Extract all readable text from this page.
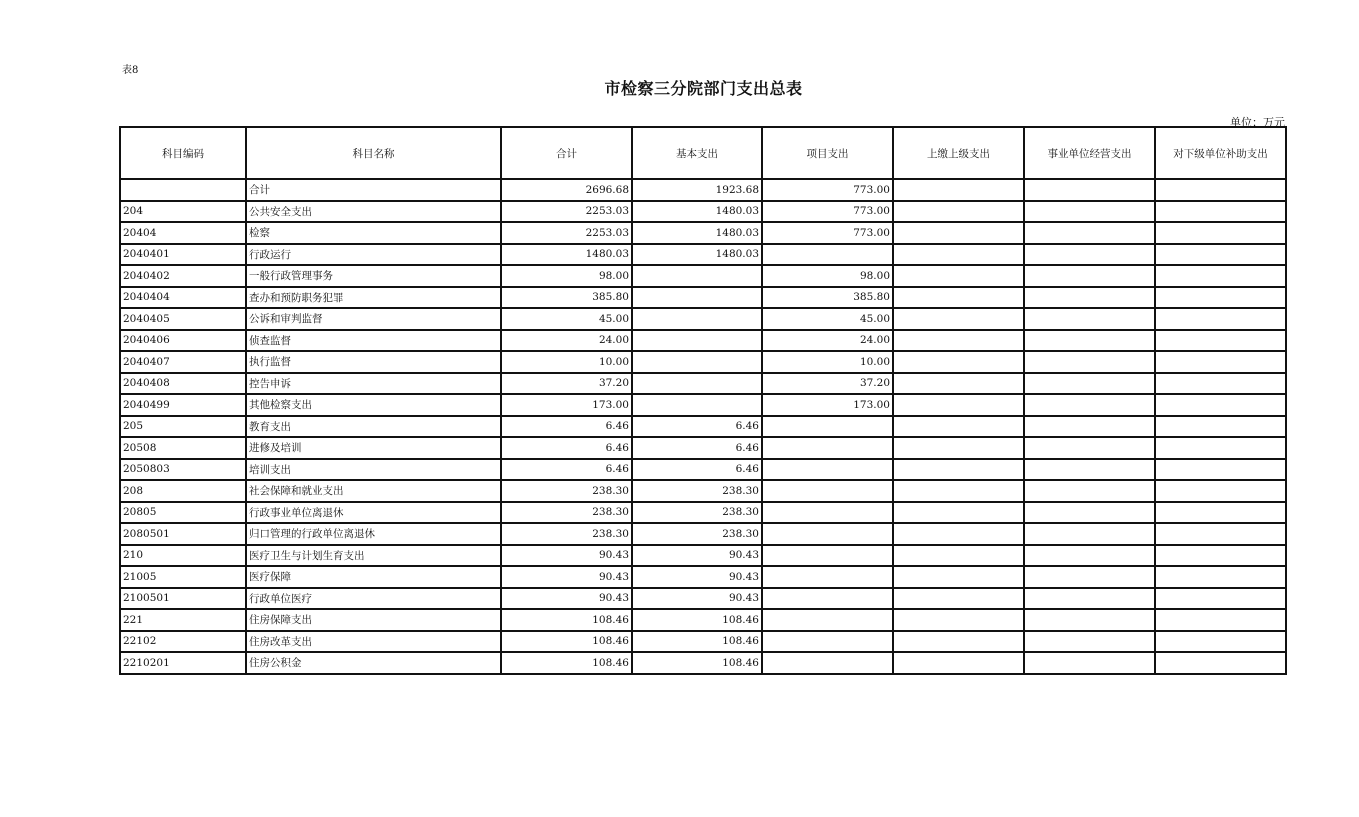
表8
市检察三分院部门支出总表
单位：万元
科目编码	科目名称	合计	基本支出	项目支出	上缴上级支出	事业单位经营支出	对下级单位补助支出
	合计	2696.68	1923.68	773.00			
204	公共安全支出	2253.03	1480.03	773.00			
20404	检察	2253.03	1480.03	773.00			
2040401	行政运行	1480.03	1480.03				
2040402	一般行政管理事务	98.00		98.00			
2040404	查办和预防职务犯罪	385.80		385.80			
2040405	公诉和审判监督	45.00		45.00			
2040406	侦查监督	24.00		24.00			
2040407	执行监督	10.00		10.00			
2040408	控告申诉	37.20		37.20			
2040499	其他检察支出	173.00		173.00			
205	教育支出	6.46	6.46				
20508	进修及培训	6.46	6.46				
2050803	培训支出	6.46	6.46				
208	社会保障和就业支出	238.30	238.30				
20805	行政事业单位离退休	238.30	238.30				
2080501	归口管理的行政单位离退休	238.30	238.30				
210	医疗卫生与计划生育支出	90.43	90.43				
21005	医疗保障	90.43	90.43				
2100501	行政单位医疗	90.43	90.43				
221	住房保障支出	108.46	108.46				
22102	住房改革支出	108.46	108.46				
2210201	住房公积金	108.46	108.46				
